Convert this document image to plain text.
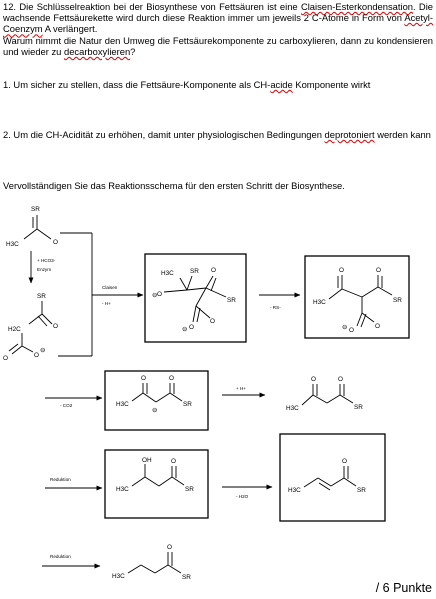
12. Die Schlüsselreaktion bei der Biosynthese von Fettsäuren ist eine Claisen-Esterkondensation. Die wachsende Fettsäurekette wird durch diese Reaktion immer um jeweils 2 C-Atome in Form von Acetyl-Coenzym A verlängert.
Warum nimmt die Natur den Umweg die Fettsäurekomponente zu carboxylieren, dann zu kondensieren und wieder zu decarboxylieren?

1. Um sicher zu stellen, dass die Fettsäure-Komponente als CH-acide Komponente wirkt

2. Um die CH-Acidität zu erhöhen, damit unter physiologischen Bedingungen deprotoniert werden kann

Vervollständigen Sie das Reaktionsschema für den ersten Schritt der Biosynthese.

SR
H3C	O
+ HCO3-
Enzym
SR
O
H2C
O	O
⊖
Claisen
- H+
H3C	SR
⊖ O
O
SR
O
O
⊖
- RS-
H3C
O	O
SR
O
O
⊖
- CO2	H3C
O
⊖
O
SR
+ H+
H3C
O	O
SR
Reduktion
OH
H3C
O
SR
- H2O
H3C
O
SR
Reduktion
H3C
O
SR
/ 6 Punkte
